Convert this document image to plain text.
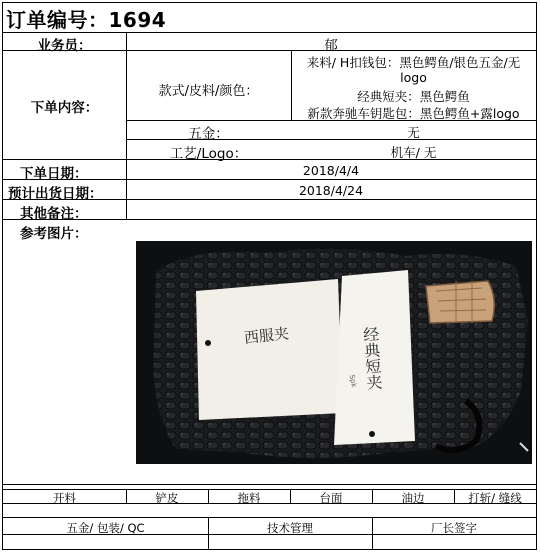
订单编号：1694
业务员：	郁
下单内容：
款式/皮料/颜色：
来料/ H扣钱包：黑色鳄鱼/银色五金/无
logo
经典短夹：黑色鳄鱼
新款奔驰车钥匙包：黑色鳄鱼+露logo
五金：	无
工艺/Logo：	机车/ 无
下单日期：	2018/4/4
预计出货日期：	2018/4/24
其他备注：
参考图片：
西服夹	经典短夹
Spk
开料	铲皮	拖料	台面	油边	打斩/ 缝线
五金/ 包装/ QC	技术管理	厂长签字
